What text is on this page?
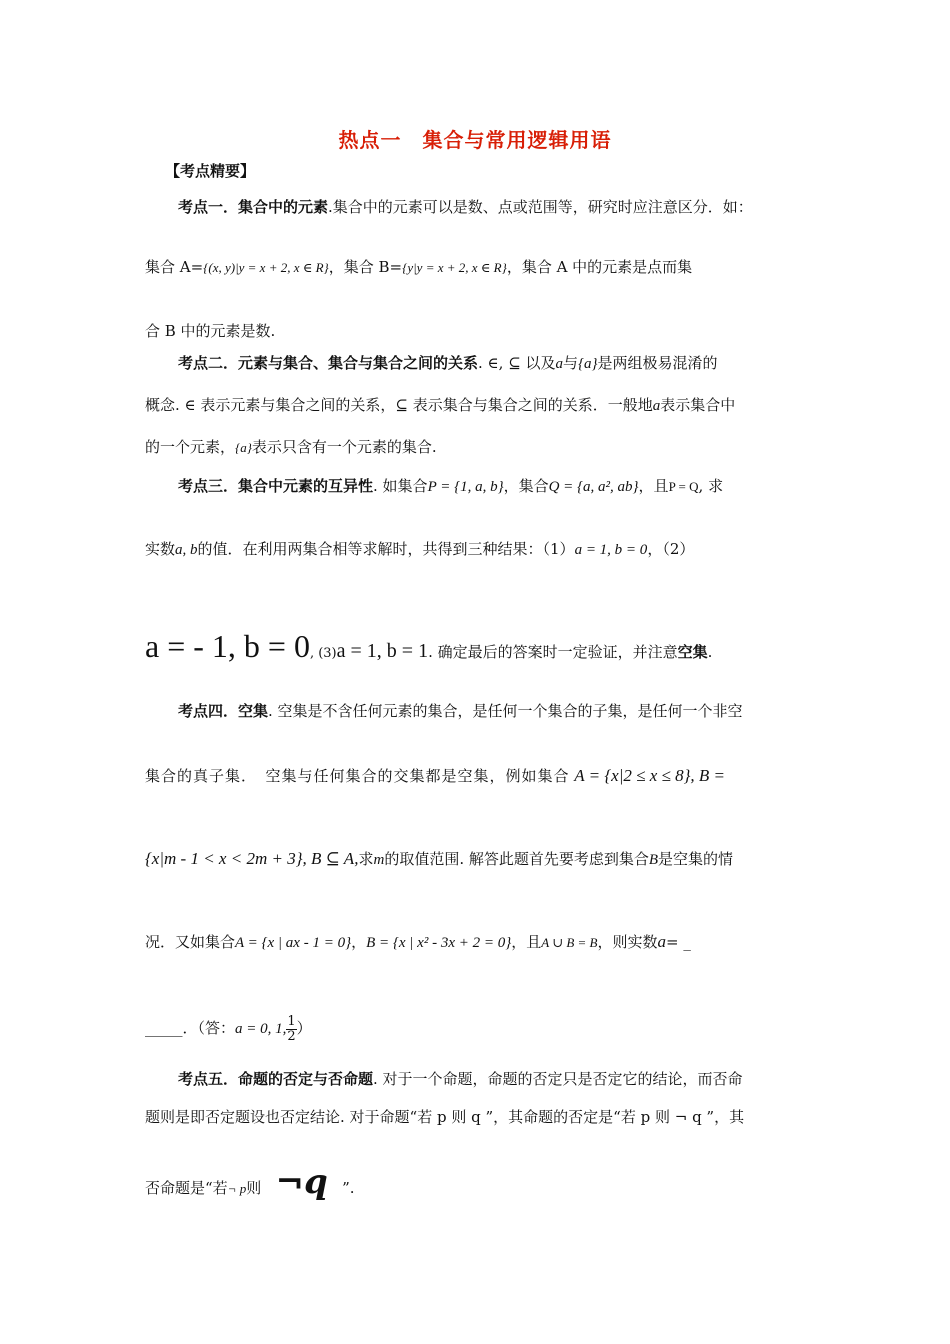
热点一　集合与常用逻辑用语
【考点精要】
考点一．集合中的元素.集合中的元素可以是数、点或范围等，研究时应注意区分．如：
集合 A={(x, y)|y = x + 2, x ∈ R}，集合 B={y|y = x + 2, x ∈ R}，集合 A 中的元素是点而集
合 B 中的元素是数.
考点二．元素与集合、集合与集合之间的关系. ∈, ⊆ 以及a与{a}是两组极易混淆的
概念. ∈ 表示元素与集合之间的关系，⊆ 表示集合与集合之间的关系．一般地a表示集合中
的一个元素，{a}表示只含有一个元素的集合.
考点三．集合中元素的互异性. 如集合P = {1, a, b}，集合Q = {a, a², ab}，且P = Q, 求
实数a, b的值．在利用两集合相等求解时，共得到三种结果：（1）a = 1, b = 0，（2）
a = - 1, b = 0, (3)a = 1, b = 1. 确定最后的答案时一定验证，并注意空集.
考点四．空集. 空集是不含任何元素的集合，是任何一个集合的子集，是任何一个非空
集合的真子集．　空集与任何集合的交集都是空集，例如集合 A = {x|2 ≤ x ≤ 8}, B =
{x|m - 1 < x < 2m + 3}, B ⊆ A,求m的取值范围. 解答此题首先要考虑到集合B是空集的情
况．又如集合A = {x | ax - 1 = 0}，B = {x | x² - 3x + 2 = 0}，且A ∪ B = B，则实数a= _
_____．（答：a = 0, 1, $\frac{1}{2}$ ）
考点五．命题的否定与否命题. 对于一个命题，命题的否定只是否定它的结论，而否命
题则是即否定题设也否定结论. 对于命题“若 p 则 q ”，其命题的否定是“若 p 则 ¬ q ”，其
否命题是“若¬ p则 ¬q ”.
